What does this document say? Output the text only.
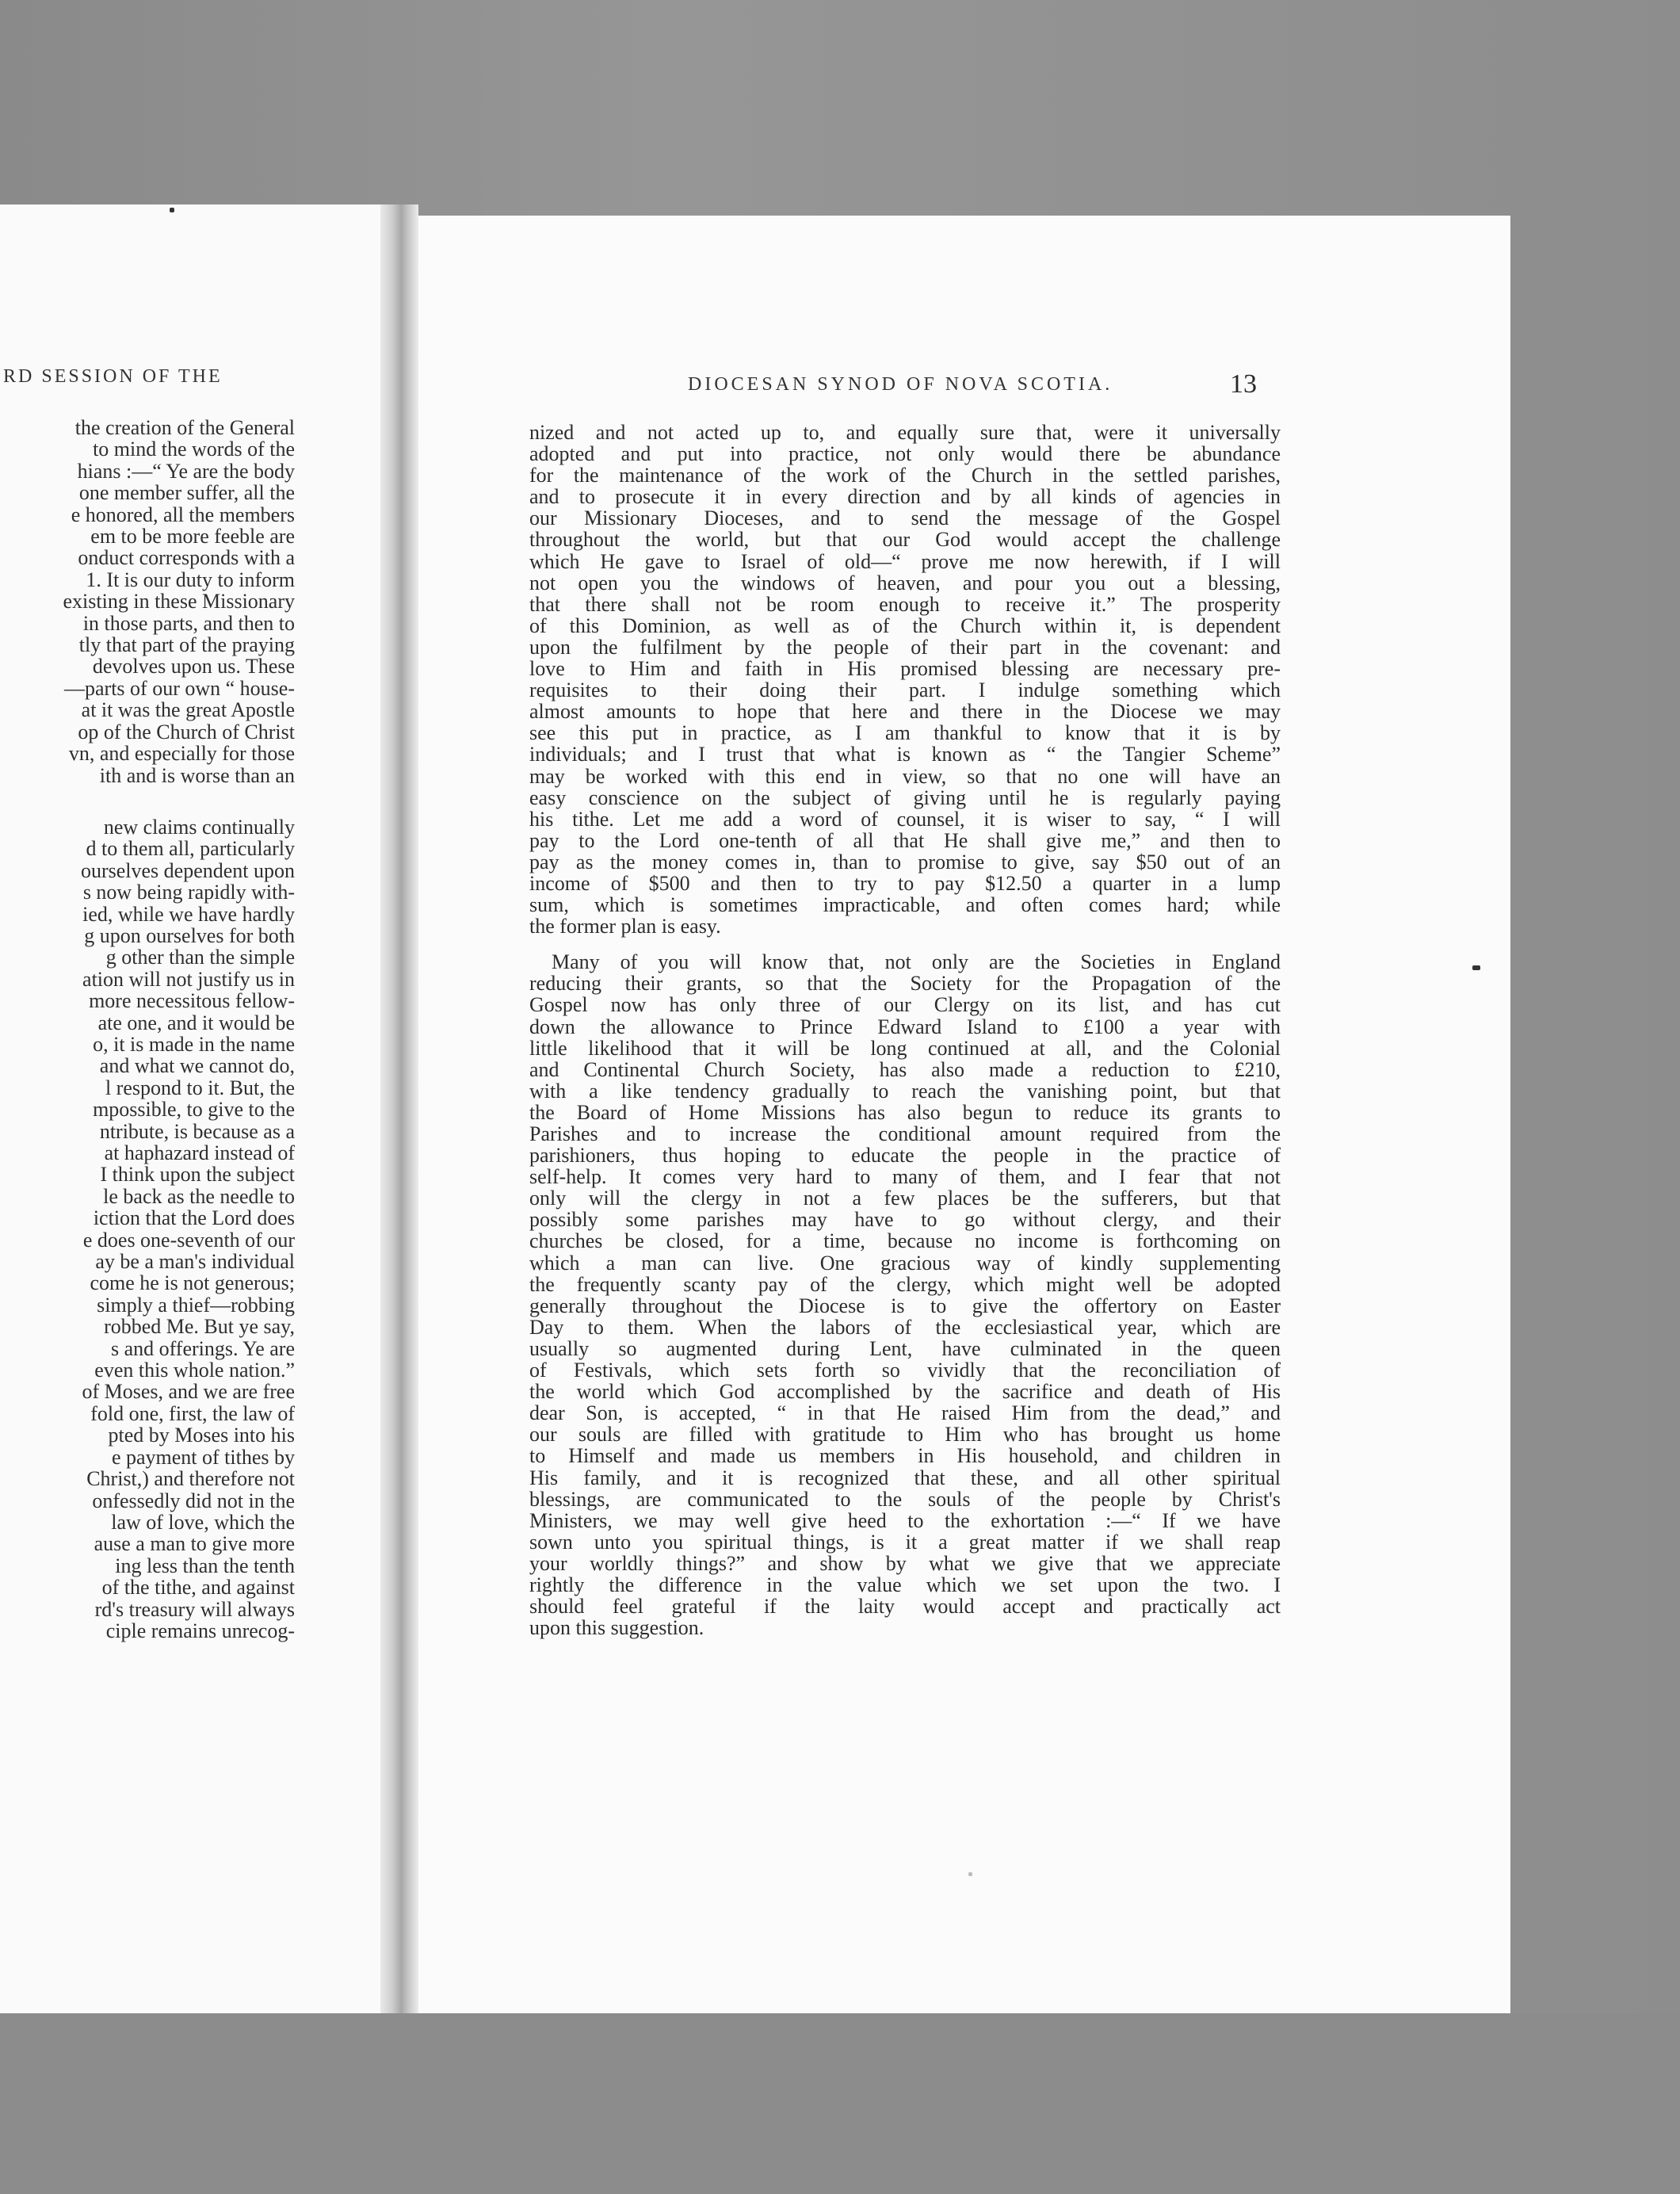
RD SESSION OF THE
the creation of the General
to mind the words of the
hians :—“ Ye are the body
one member suffer, all the
e honored, all the members
em to be more feeble are
onduct corresponds with a
1. It is our duty to inform
existing in these Missionary
in those parts, and then to
tly that part of the praying
devolves upon us. These
—parts of our own “ house-
at it was the great Apostle
op of the Church of Christ
vn, and especially for those
ith and is worse than an
new claims continually
d to them all, particularly
ourselves dependent upon
s now being rapidly with-
ied, while we have hardly
g upon ourselves for both
g other than the simple
ation will not justify us in
more necessitous fellow-
ate one, and it would be
o, it is made in the name
and what we cannot do,
l respond to it. But, the
mpossible, to give to the
ntribute, is because as a
at haphazard instead of
I think upon the subject
le back as the needle to
iction that the Lord does
e does one-seventh of our
ay be a man's individual
come he is not generous;
simply a thief—robbing
robbed Me. But ye say,
s and offerings. Ye are
even this whole nation.”
of Moses, and we are free
fold one, first, the law of
pted by Moses into his
e payment of tithes by
Christ,) and therefore not
onfessedly did not in the
law of love, which the
ause a man to give more
ing less than the tenth
of the tithe, and against
rd's treasury will always
ciple remains unrecog-
DIOCESAN SYNOD OF NOVA SCOTIA.	13
nized and not acted up to, and equally sure that, were it universally
adopted and put into practice, not only would there be abundance
for the maintenance of the work of the Church in the settled parishes,
and to prosecute it in every direction and by all kinds of agencies in
our Missionary Dioceses, and to send the message of the Gospel
throughout the world, but that our God would accept the challenge
which He gave to Israel of old—“ prove me now herewith, if I will
not open you the windows of heaven, and pour you out a blessing,
that there shall not be room enough to receive it.” The prosperity
of this Dominion, as well as of the Church within it, is dependent
upon the fulfilment by the people of their part in the covenant: and
love to Him and faith in His promised blessing are necessary pre-
requisites to their doing their part. I indulge something which
almost amounts to hope that here and there in the Diocese we may
see this put in practice, as I am thankful to know that it is by
individuals; and I trust that what is known as “ the Tangier Scheme”
may be worked with this end in view, so that no one will have an
easy conscience on the subject of giving until he is regularly paying
his tithe. Let me add a word of counsel, it is wiser to say, “ I will
pay to the Lord one-tenth of all that He shall give me,” and then to
pay as the money comes in, than to promise to give, say $50 out of an
income of $500 and then to try to pay $12.50 a quarter in a lump
sum, which is sometimes impracticable, and often comes hard; while
the former plan is easy.
Many of you will know that, not only are the Societies in England
reducing their grants, so that the Society for the Propagation of the
Gospel now has only three of our Clergy on its list, and has cut
down the allowance to Prince Edward Island to £100 a year with
little likelihood that it will be long continued at all, and the Colonial
and Continental Church Society, has also made a reduction to £210,
with a like tendency gradually to reach the vanishing point, but that
the Board of Home Missions has also begun to reduce its grants to
Parishes and to increase the conditional amount required from the
parishioners, thus hoping to educate the people in the practice of
self-help. It comes very hard to many of them, and I fear that not
only will the clergy in not a few places be the sufferers, but that
possibly some parishes may have to go without clergy, and their
churches be closed, for a time, because no income is forthcoming on
which a man can live. One gracious way of kindly supplementing
the frequently scanty pay of the clergy, which might well be adopted
generally throughout the Diocese is to give the offertory on Easter
Day to them. When the labors of the ecclesiastical year, which are
usually so augmented during Lent, have culminated in the queen
of Festivals, which sets forth so vividly that the reconciliation of
the world which God accomplished by the sacrifice and death of His
dear Son, is accepted, “ in that He raised Him from the dead,” and
our souls are filled with gratitude to Him who has brought us home
to Himself and made us members in His household, and children in
His family, and it is recognized that these, and all other spiritual
blessings, are communicated to the souls of the people by Christ's
Ministers, we may well give heed to the exhortation :—“ If we have
sown unto you spiritual things, is it a great matter if we shall reap
your worldly things?” and show by what we give that we appreciate
rightly the difference in the value which we set upon the two. I
should feel grateful if the laity would accept and practically act
upon this suggestion.
